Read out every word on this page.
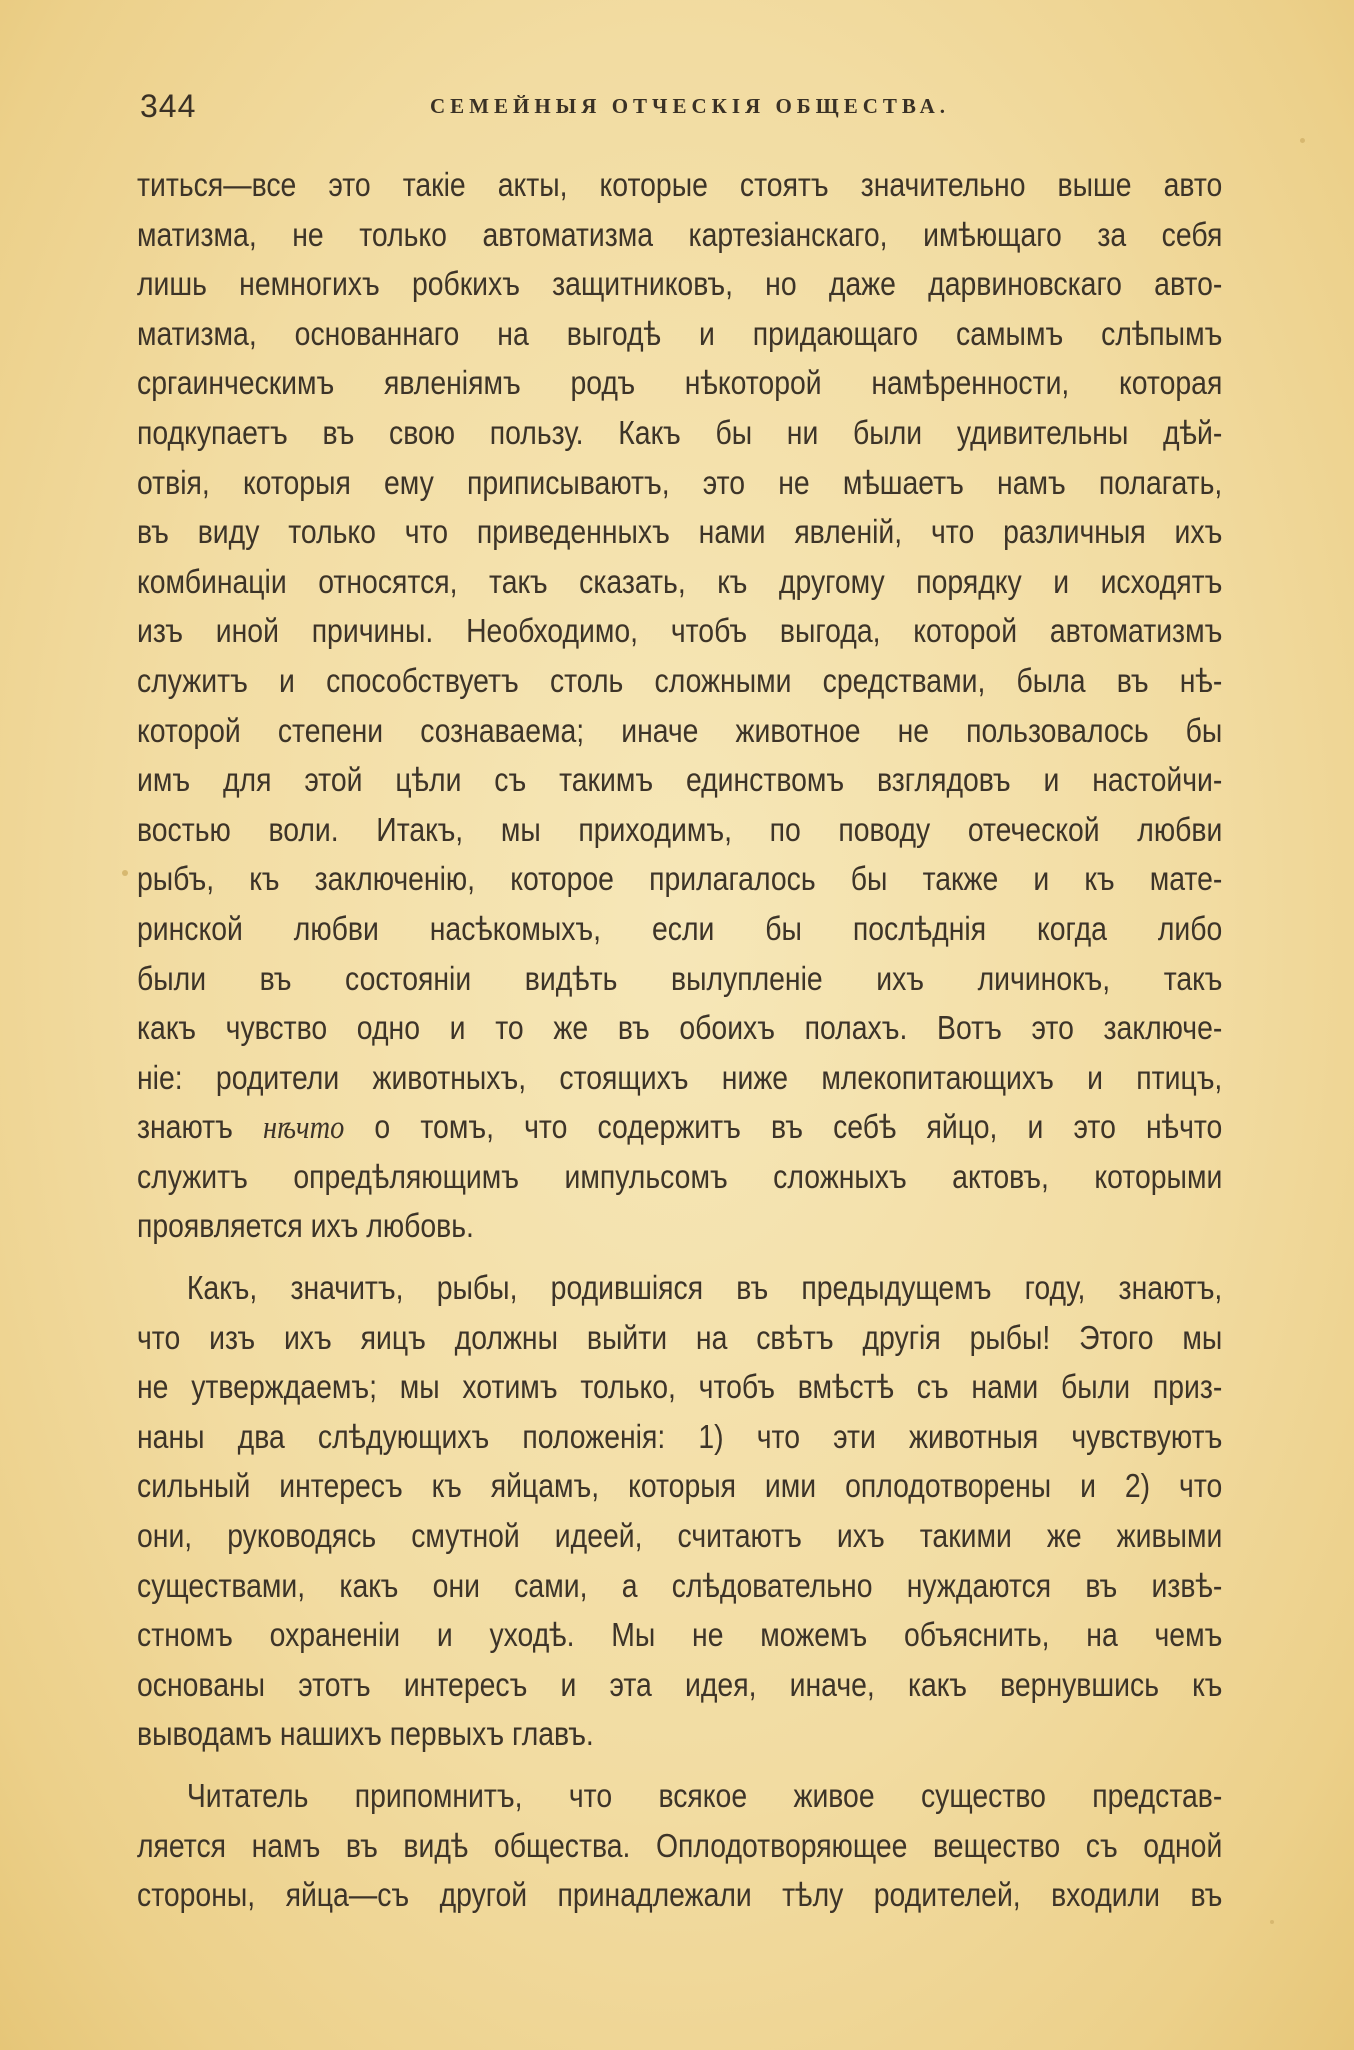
344	СЕМЕЙНЫЯ ОТЧЕСКІЯ ОБЩЕСТВА.
титься—все это такіе акты, которые стоятъ значительно выше авто
матизма, не только автоматизма картезіанскаго, имѣющаго за себя
лишь немногихъ робкихъ защитниковъ, но даже дарвиновскаго авто-
матизма, основаннаго на выгодѣ и придающаго самымъ слѣпымъ
сргаинческимъ явленіямъ родъ нѣкоторой намѣренности, которая
подкупаетъ въ свою пользу. Какъ бы ни были удивительны дѣй-
отвія, которыя ему приписываютъ, это не мѣшаетъ намъ полагать,
въ виду только что приведенныхъ нами явленій, что различныя ихъ
комбинаціи относятся, такъ сказать, къ другому порядку и исходятъ
изъ иной причины. Необходимо, чтобъ выгода, которой автоматизмъ
служитъ и способствуетъ столь сложными средствами, была въ нѣ-
которой степени сознаваема; иначе животное не пользовалось бы
имъ для этой цѣли съ такимъ единствомъ взглядовъ и настойчи-
востью воли. Итакъ, мы приходимъ, по поводу отеческой любви
рыбъ, къ заключенію, которое прилагалось бы также и къ мате-
ринской любви насѣкомыхъ, если бы послѣднія когда либо
были въ состояніи видѣть вылупленіе ихъ личинокъ, такъ
какъ чувство одно и то же въ обоихъ полахъ. Вотъ это заключе-
ніе: родители животныхъ, стоящихъ ниже млекопитающихъ и птицъ,
знаютъ нѣчто о томъ, что содержитъ въ себѣ яйцо, и это нѣчто
служитъ опредѣляющимъ импульсомъ сложныхъ актовъ, которыми
проявляется ихъ любовь.
Какъ, значитъ, рыбы, родившіяся въ предыдущемъ году, знаютъ,
что изъ ихъ яицъ должны выйти на свѣтъ другія рыбы! Этого мы
не утверждаемъ; мы хотимъ только, чтобъ вмѣстѣ съ нами были приз-
наны два слѣдующихъ положенія: 1) что эти животныя чувствуютъ
сильный интересъ къ яйцамъ, которыя ими оплодотворены и 2) что
они, руководясь смутной идеей, считаютъ ихъ такими же живыми
существами, какъ они сами, а слѣдовательно нуждаются въ извѣ-
стномъ охраненіи и уходѣ. Мы не можемъ объяснить, на чемъ
основаны этотъ интересъ и эта идея, иначе, какъ вернувшись къ
выводамъ нашихъ первыхъ главъ.
Читатель припомнитъ, что всякое живое существо представ-
ляется намъ въ видѣ общества. Оплодотворяющее вещество съ одной
стороны, яйца—съ другой принадлежали тѣлу родителей, входили въ
